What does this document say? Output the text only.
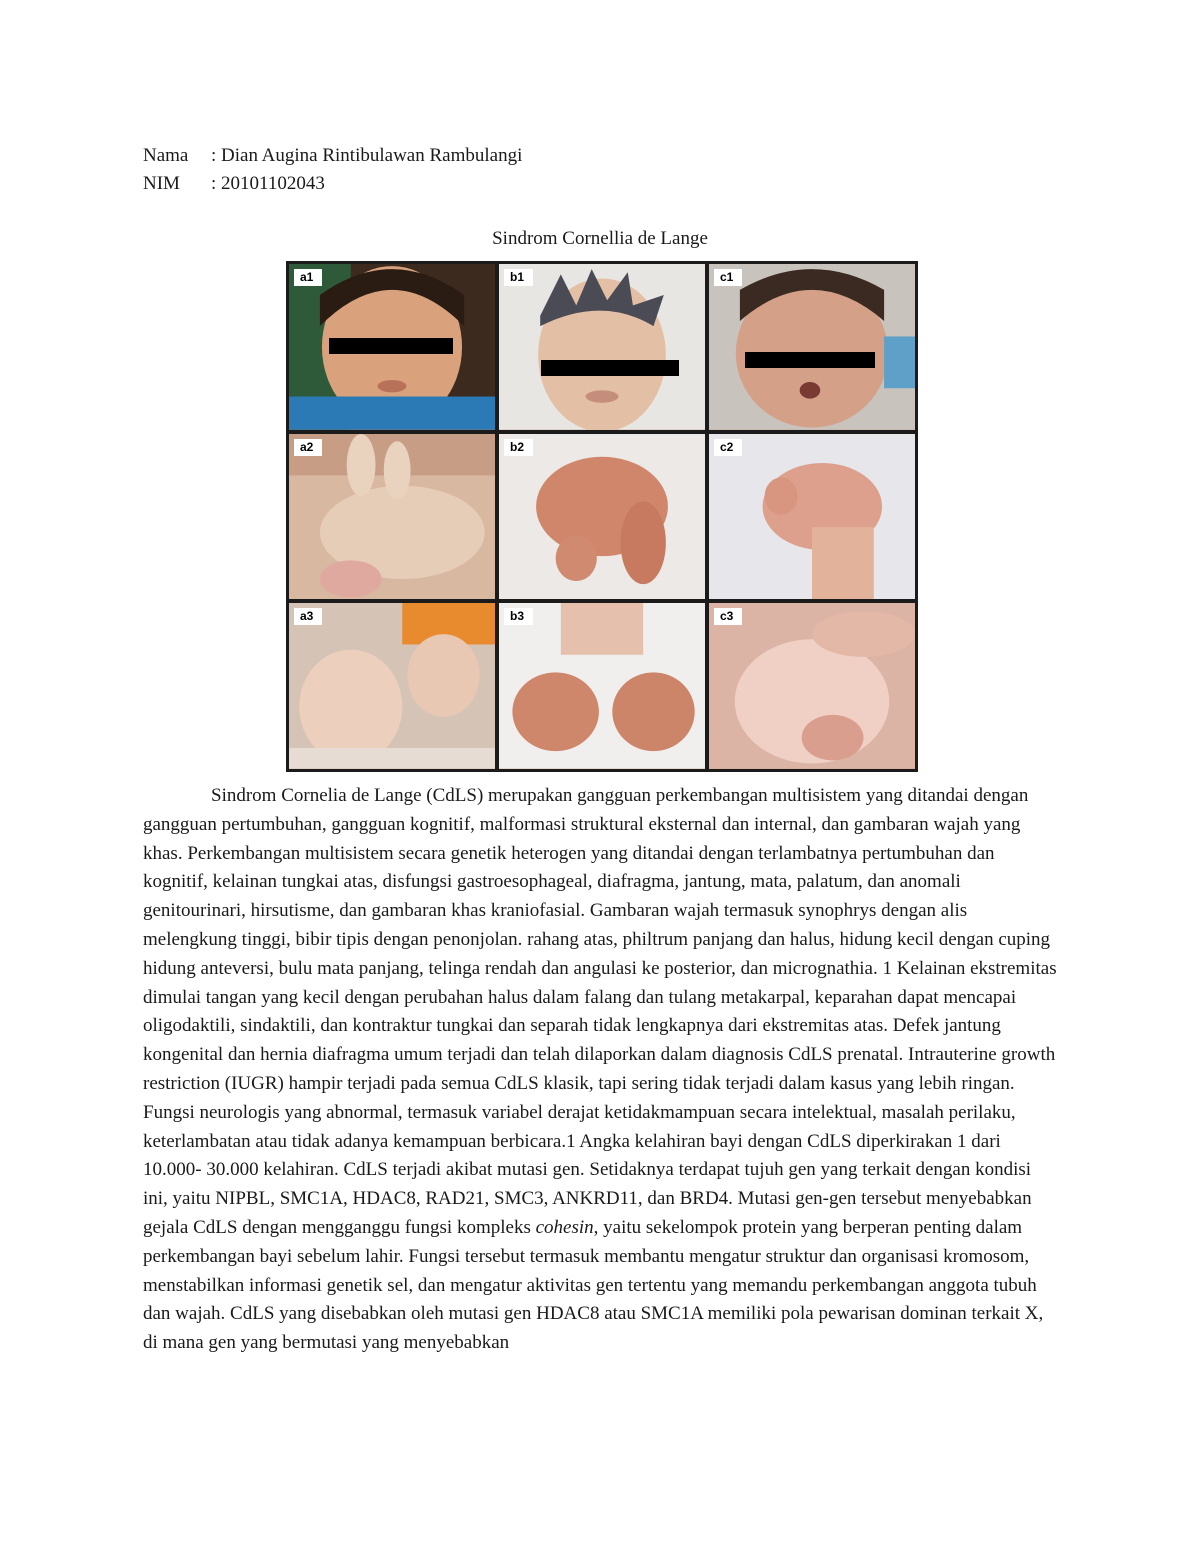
Nama	: Dian Augina Rintibulawan Rambulangi
NIM	: 20101102043
Sindrom Cornellia de Lange
a1	b1	c1
a2	b2	c2
a3	b3	c3

Sindrom Cornelia de Lange (CdLS) merupakan gangguan perkembangan multisistem yang ditandai dengan gangguan pertumbuhan, gangguan kognitif, malformasi struktural eksternal dan internal, dan gambaran wajah yang khas. Perkembangan multisistem secara genetik heterogen yang ditandai dengan terlambatnya pertumbuhan dan kognitif, kelainan tungkai atas, disfungsi gastroesophageal, diafragma, jantung, mata, palatum, dan anomali genitourinari, hirsutisme, dan gambaran khas kraniofasial. Gambaran wajah termasuk synophrys dengan alis melengkung tinggi, bibir tipis dengan penonjolan. rahang atas, philtrum panjang dan halus, hidung kecil dengan cuping hidung anteversi, bulu mata panjang, telinga rendah dan angulasi ke posterior, dan micrognathia. 1 Kelainan ekstremitas dimulai tangan yang kecil dengan perubahan halus dalam falang dan tulang metakarpal, keparahan dapat mencapai oligodaktili, sindaktili, dan kontraktur tungkai dan separah tidak lengkapnya dari ekstremitas atas. Defek jantung kongenital dan hernia diafragma umum terjadi dan telah dilaporkan dalam diagnosis CdLS prenatal. Intrauterine growth restriction (IUGR) hampir terjadi pada semua CdLS klasik, tapi sering tidak terjadi dalam kasus yang lebih ringan. Fungsi neurologis yang abnormal, termasuk variabel derajat ketidakmampuan secara intelektual, masalah perilaku, keterlambatan atau tidak adanya kemampuan berbicara.1 Angka kelahiran bayi dengan CdLS diperkirakan 1 dari 10.000- 30.000 kelahiran. CdLS terjadi akibat mutasi gen. Setidaknya terdapat tujuh gen yang terkait dengan kondisi ini, yaitu NIPBL, SMC1A, HDAC8, RAD21, SMC3, ANKRD11, dan BRD4. Mutasi gen-gen tersebut menyebabkan gejala CdLS dengan mengganggu fungsi kompleks cohesin, yaitu sekelompok protein yang berperan penting dalam perkembangan bayi sebelum lahir. Fungsi tersebut termasuk membantu mengatur struktur dan organisasi kromosom, menstabilkan informasi genetik sel, dan mengatur aktivitas gen tertentu yang memandu perkembangan anggota tubuh dan wajah. CdLS yang disebabkan oleh mutasi gen HDAC8 atau SMC1A memiliki pola pewarisan dominan terkait X, di mana gen yang bermutasi yang menyebabkan
